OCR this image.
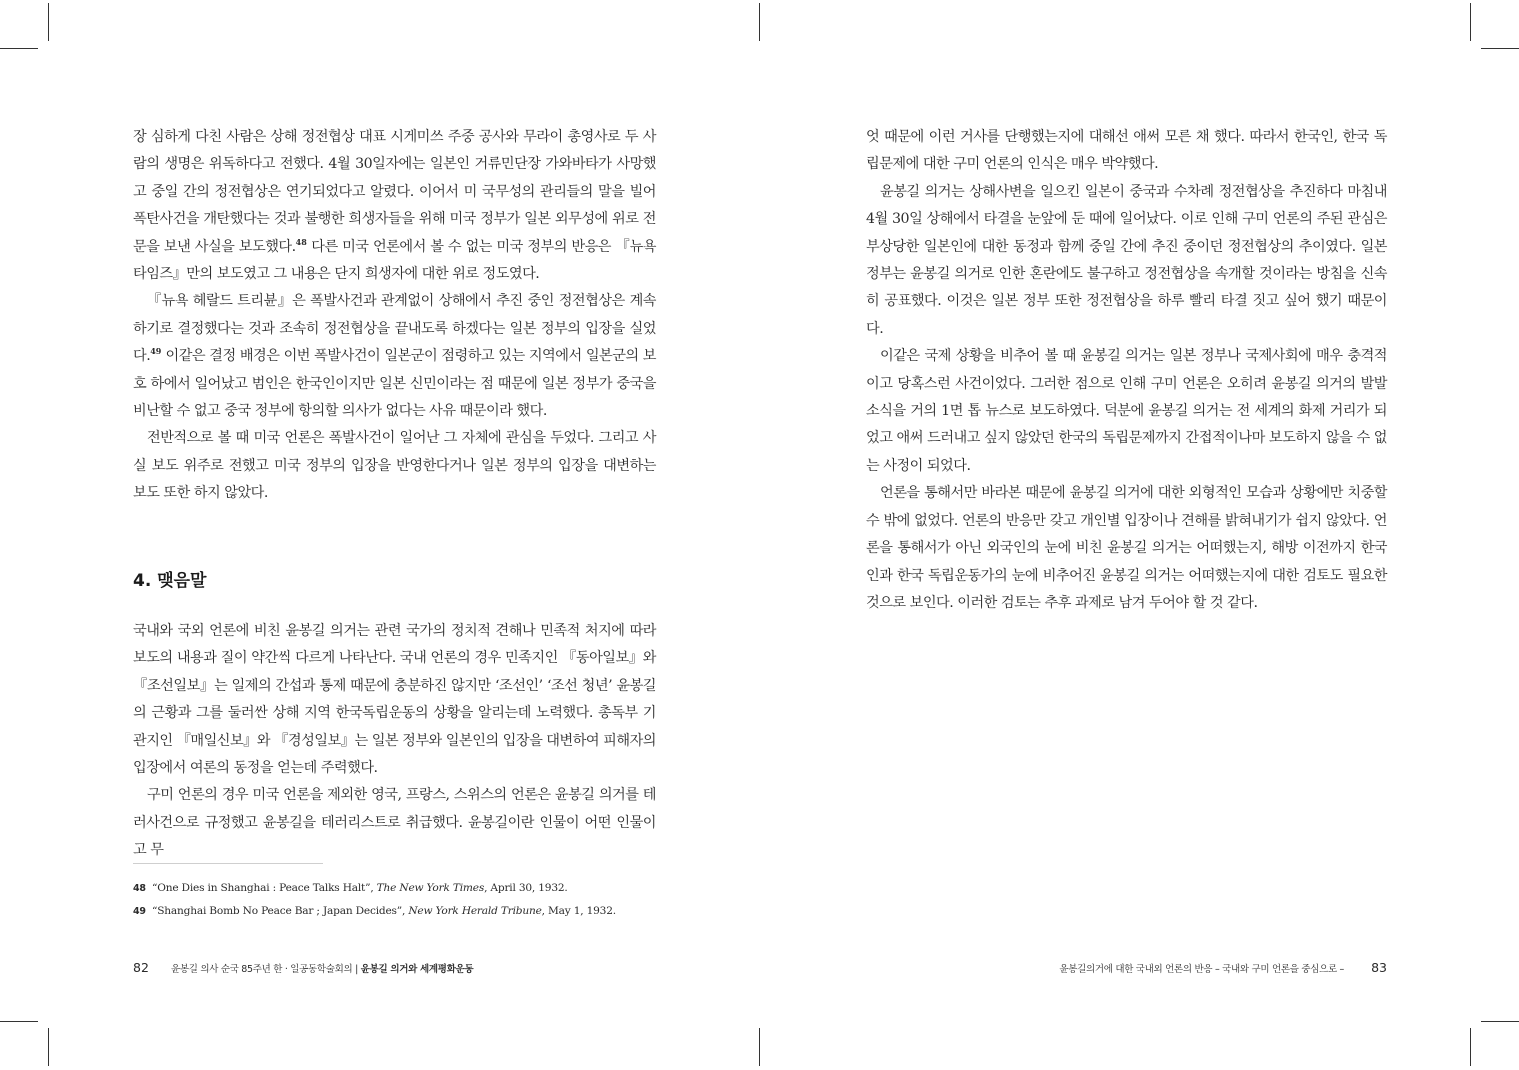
장 심하게 다친 사람은 상해 정전협상 대표 시게미쓰 주중 공사와 무라이 총영사로 두 사람의 생명은 위독하다고 전했다. 4월 30일자에는 일본인 거류민단장 가와바타가 사망했고 중일 간의 정전협상은 연기되었다고 알렸다. 이어서 미 국무성의 관리들의 말을 빌어 폭탄사건을 개탄했다는 것과 불행한 희생자들을 위해 미국 정부가 일본 외무성에 위로 전문을 보낸 사실을 보도했다.$^{48}$ 다른 미국 언론에서 볼 수 없는 미국 정부의 반응은 『뉴욕 타임즈』만의 보도였고 그 내용은 단지 희생자에 대한 위로 정도였다.

『뉴욕 헤랄드 트리뷴』은 폭발사건과 관계없이 상해에서 추진 중인 정전협상은 계속하기로 결정했다는 것과 조속히 정전협상을 끝내도록 하겠다는 일본 정부의 입장을 실었다.$^{49}$ 이같은 결정 배경은 이번 폭발사건이 일본군이 점령하고 있는 지역에서 일본군의 보호 하에서 일어났고 범인은 한국인이지만 일본 신민이라는 점 때문에 일본 정부가 중국을 비난할 수 없고 중국 정부에 항의할 의사가 없다는 사유 때문이라 했다.

전반적으로 볼 때 미국 언론은 폭발사건이 일어난 그 자체에 관심을 두었다. 그리고 사실 보도 위주로 전했고 미국 정부의 입장을 반영한다거나 일본 정부의 입장을 대변하는 보도 또한 하지 않았다.

4. 맺음말

국내와 국외 언론에 비친 윤봉길 의거는 관련 국가의 정치적 견해나 민족적 처지에 따라 보도의 내용과 질이 약간씩 다르게 나타난다. 국내 언론의 경우 민족지인 『동아일보』와 『조선일보』는 일제의 간섭과 통제 때문에 충분하진 않지만 ‘조선인’ ‘조선 청년’ 윤봉길의 근황과 그를 둘러싼 상해 지역 한국독립운동의 상황을 알리는데 노력했다. 총독부 기관지인 『매일신보』와 『경성일보』는 일본 정부와 일본인의 입장을 대변하여 피해자의 입장에서 여론의 동정을 얻는데 주력했다.

구미 언론의 경우 미국 언론을 제외한 영국, 프랑스, 스위스의 언론은 윤봉길 의거를 테러사건으로 규정했고 윤봉길을 테러리스트로 취급했다. 윤봉길이란 인물이 어떤 인물이고 무

48 “One Dies in Shanghai : Peace Talks Halt”, The New York Times, April 30, 1932.
49 “Shanghai Bomb No Peace Bar ; Japan Decides”, New York Herald Tribune, May 1, 1932.
82 윤봉길 의사 순국 85주년 한 · 일공동학술회의 | 윤봉길 의거와 세계평화운동

엇 때문에 이런 거사를 단행했는지에 대해선 애써 모른 채 했다. 따라서 한국인, 한국 독립문제에 대한 구미 언론의 인식은 매우 박약했다.

윤봉길 의거는 상해사변을 일으킨 일본이 중국과 수차례 정전협상을 추진하다 마침내 4월 30일 상해에서 타결을 눈앞에 둔 때에 일어났다. 이로 인해 구미 언론의 주된 관심은 부상당한 일본인에 대한 동정과 함께 중일 간에 추진 중이던 정전협상의 추이였다. 일본 정부는 윤봉길 의거로 인한 혼란에도 불구하고 정전협상을 속개할 것이라는 방침을 신속히 공표했다. 이것은 일본 정부 또한 정전협상을 하루 빨리 타결 짓고 싶어 했기 때문이다.

이같은 국제 상황을 비추어 볼 때 윤봉길 의거는 일본 정부나 국제사회에 매우 충격적이고 당혹스런 사건이었다. 그러한 점으로 인해 구미 언론은 오히려 윤봉길 의거의 발발 소식을 거의 1면 톱 뉴스로 보도하였다. 덕분에 윤봉길 의거는 전 세계의 화제 거리가 되었고 애써 드러내고 싶지 않았던 한국의 독립문제까지 간접적이나마 보도하지 않을 수 없는 사정이 되었다.

언론을 통해서만 바라본 때문에 윤봉길 의거에 대한 외형적인 모습과 상황에만 치중할 수 밖에 없었다. 언론의 반응만 갖고 개인별 입장이나 견해를 밝혀내기가 쉽지 않았다. 언론을 통해서가 아닌 외국인의 눈에 비친 윤봉길 의거는 어떠했는지, 해방 이전까지 한국인과 한국 독립운동가의 눈에 비추어진 윤봉길 의거는 어떠했는지에 대한 검토도 필요한 것으로 보인다. 이러한 검토는 추후 과제로 남겨 두어야 할 것 같다.

윤봉길의거에 대한 국내외 언론의 반응 – 국내와 구미 언론을 중심으로 – 83
